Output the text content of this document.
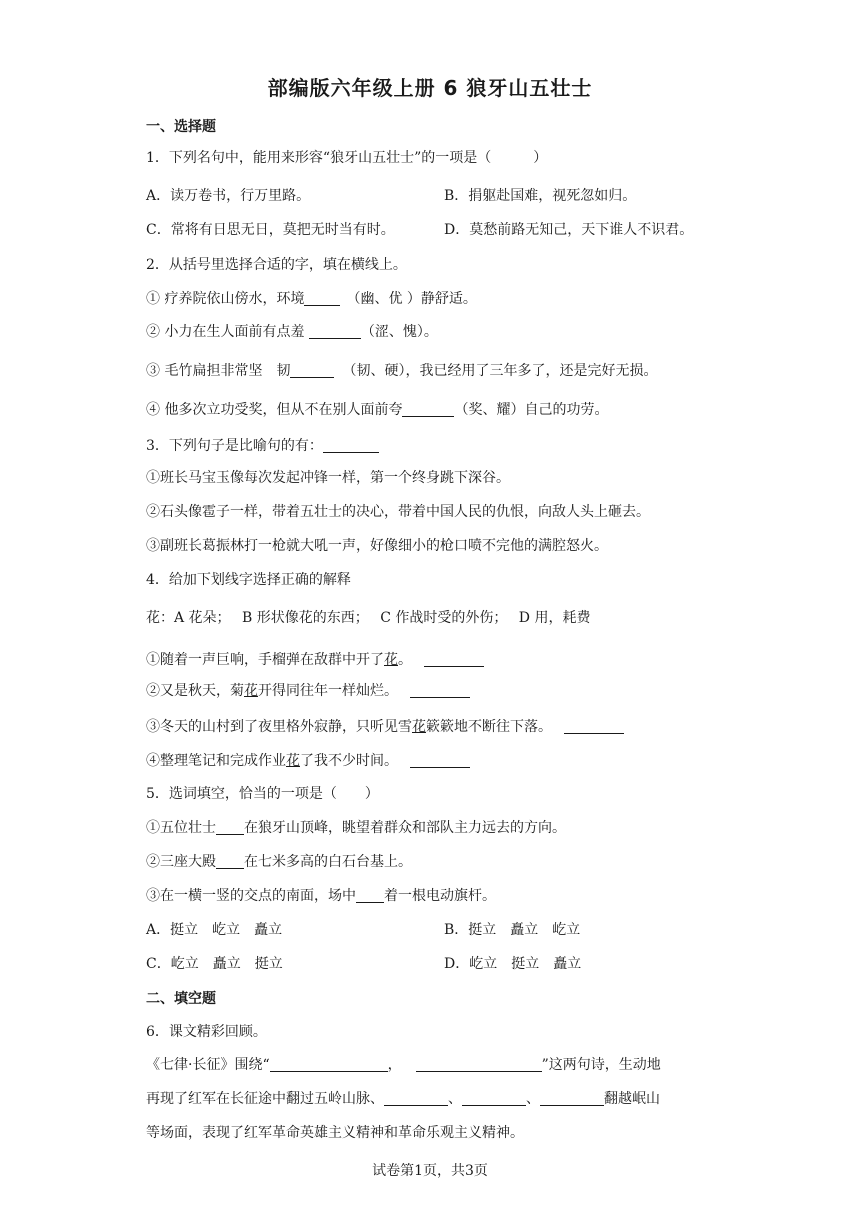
部编版六年级上册 6 狼牙山五壮士
一、选择题
1．下列名句中，能用来形容“狼牙山五壮士”的一项是（　　　）
A．读万卷书，行万里路。	B．捐躯赴国难，视死忽如归。
C．常将有日思无日，莫把无时当有时。	D．莫愁前路无知己，天下谁人不识君。
2．从括号里选择合适的字，填在横线上。
① 疗养院依山傍水，环境	（幽、优 ）静舒适。
② 小力在生人面前有点羞	（涩、愧）。
③ 毛竹扁担非常坚　韧	（韧、硬），我已经用了三年多了，还是完好无损。
④ 他多次立功受奖，但从不在别人面前夸	（奖、耀）自己的功劳。
3．下列句子是比喻句的有：
①班长马宝玉像每次发起冲锋一样，第一个终身跳下深谷。
②石头像雹子一样，带着五壮士的决心，带着中国人民的仇恨，向敌人头上砸去。
③副班长葛振林打一枪就大吼一声，好像细小的枪口喷不完他的满腔怒火。
4．给加下划线字选择正确的解释
花：A 花朵；　 B 形状像花的东西；　 C 作战时受的外伤；　 D 用，耗费
①随着一声巨响，手榴弹在敌群中开了花。
②又是秋天，菊花开得同往年一样灿烂。
③冬天的山村到了夜里格外寂静，只听见雪花簌簌地不断往下落。
④整理笔记和完成作业花了我不少时间。
5．选词填空，恰当的一项是（　　）
①五位壮士 在狼牙山顶峰，眺望着群众和部队主力远去的方向。
②三座大殿 在七米多高的白石台基上。
③在一横一竖的交点的南面，场中 着一根电动旗杆。
A．挺立　屹立　矗立	B．挺立　矗立　屹立
C．屹立　矗立　挺立	D．屹立　挺立　矗立
二、填空题
6．课文精彩回顾。
《七律·长征》围绕“	，	”这两句诗，生动地
再现了红军在长征途中翻过五岭山脉、	、	、	翻越岷山
等场面，表现了红军革命英雄主义精神和革命乐观主义精神。
试卷第1页，共3页
